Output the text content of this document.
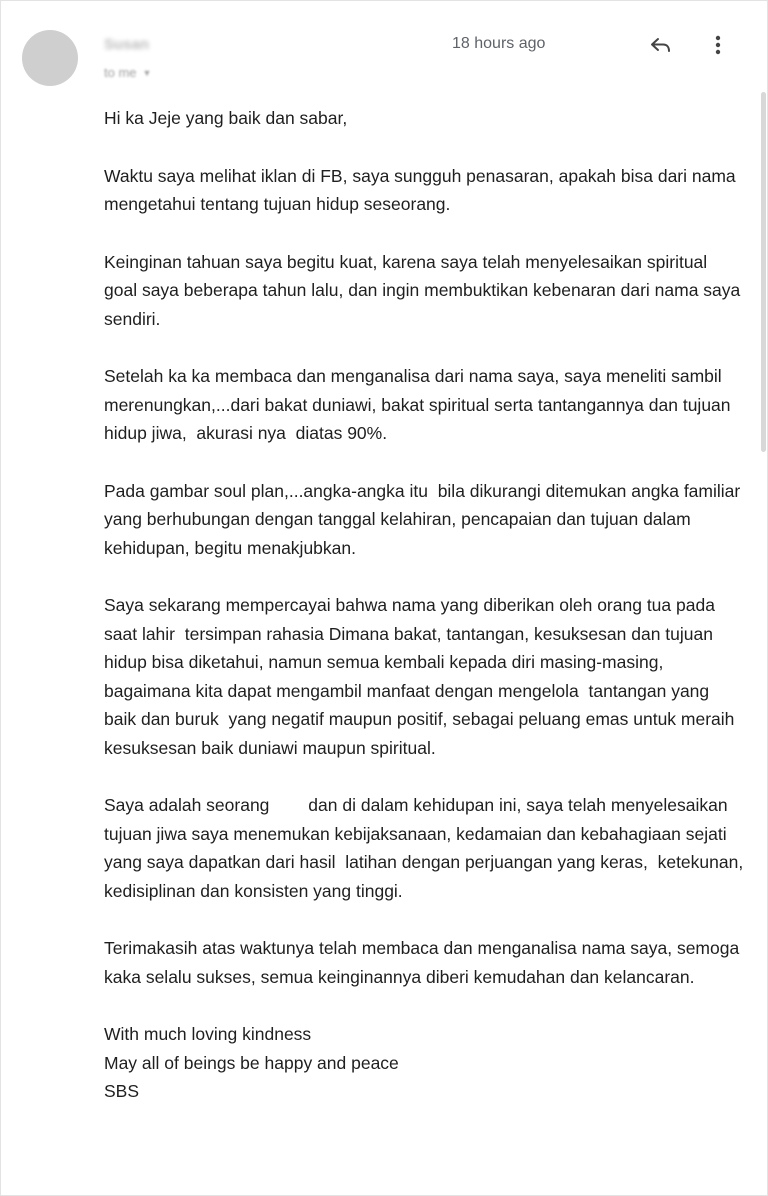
Susan
to me ▼
18 hours ago

Hi ka Jeje yang baik dan sabar,

Waktu saya melihat iklan di FB, saya sungguh penasaran, apakah bisa dari nama mengetahui tentang tujuan hidup seseorang.

Keinginan tahuan saya begitu kuat, karena saya telah menyelesaikan spiritual goal saya beberapa tahun lalu, dan ingin membuktikan kebenaran dari nama saya sendiri.

Setelah ka ka membaca dan menganalisa dari nama saya, saya meneliti sambil merenungkan,...dari bakat duniawi, bakat spiritual serta tantangannya dan tujuan hidup jiwa,  akurasi nya  diatas 90%.

Pada gambar soul plan,...angka-angka itu  bila dikurangi ditemukan angka familiar  yang berhubungan dengan tanggal kelahiran, pencapaian dan tujuan dalam kehidupan, begitu menakjubkan.

Saya sekarang mempercayai bahwa nama yang diberikan oleh orang tua pada saat lahir  tersimpan rahasia Dimana bakat, tantangan, kesuksesan dan tujuan hidup bisa diketahui, namun semua kembali kepada diri masing-masing, bagaimana kita dapat mengambil manfaat dengan mengelola  tantangan yang baik dan buruk  yang negatif maupun positif, sebagai peluang emas untuk meraih kesuksesan baik duniawi maupun spiritual.

Saya adalah seorang        dan di dalam kehidupan ini, saya telah menyelesaikan tujuan jiwa saya menemukan kebijaksanaan, kedamaian dan kebahagiaan sejati yang saya dapatkan dari hasil  latihan dengan perjuangan yang keras,  ketekunan, kedisiplinan dan konsisten yang tinggi.

Terimakasih atas waktunya telah membaca dan menganalisa nama saya, semoga kaka selalu sukses, semua keinginannya diberi kemudahan dan kelancaran.

With much loving kindness

May all of beings be happy and peace

SBS
